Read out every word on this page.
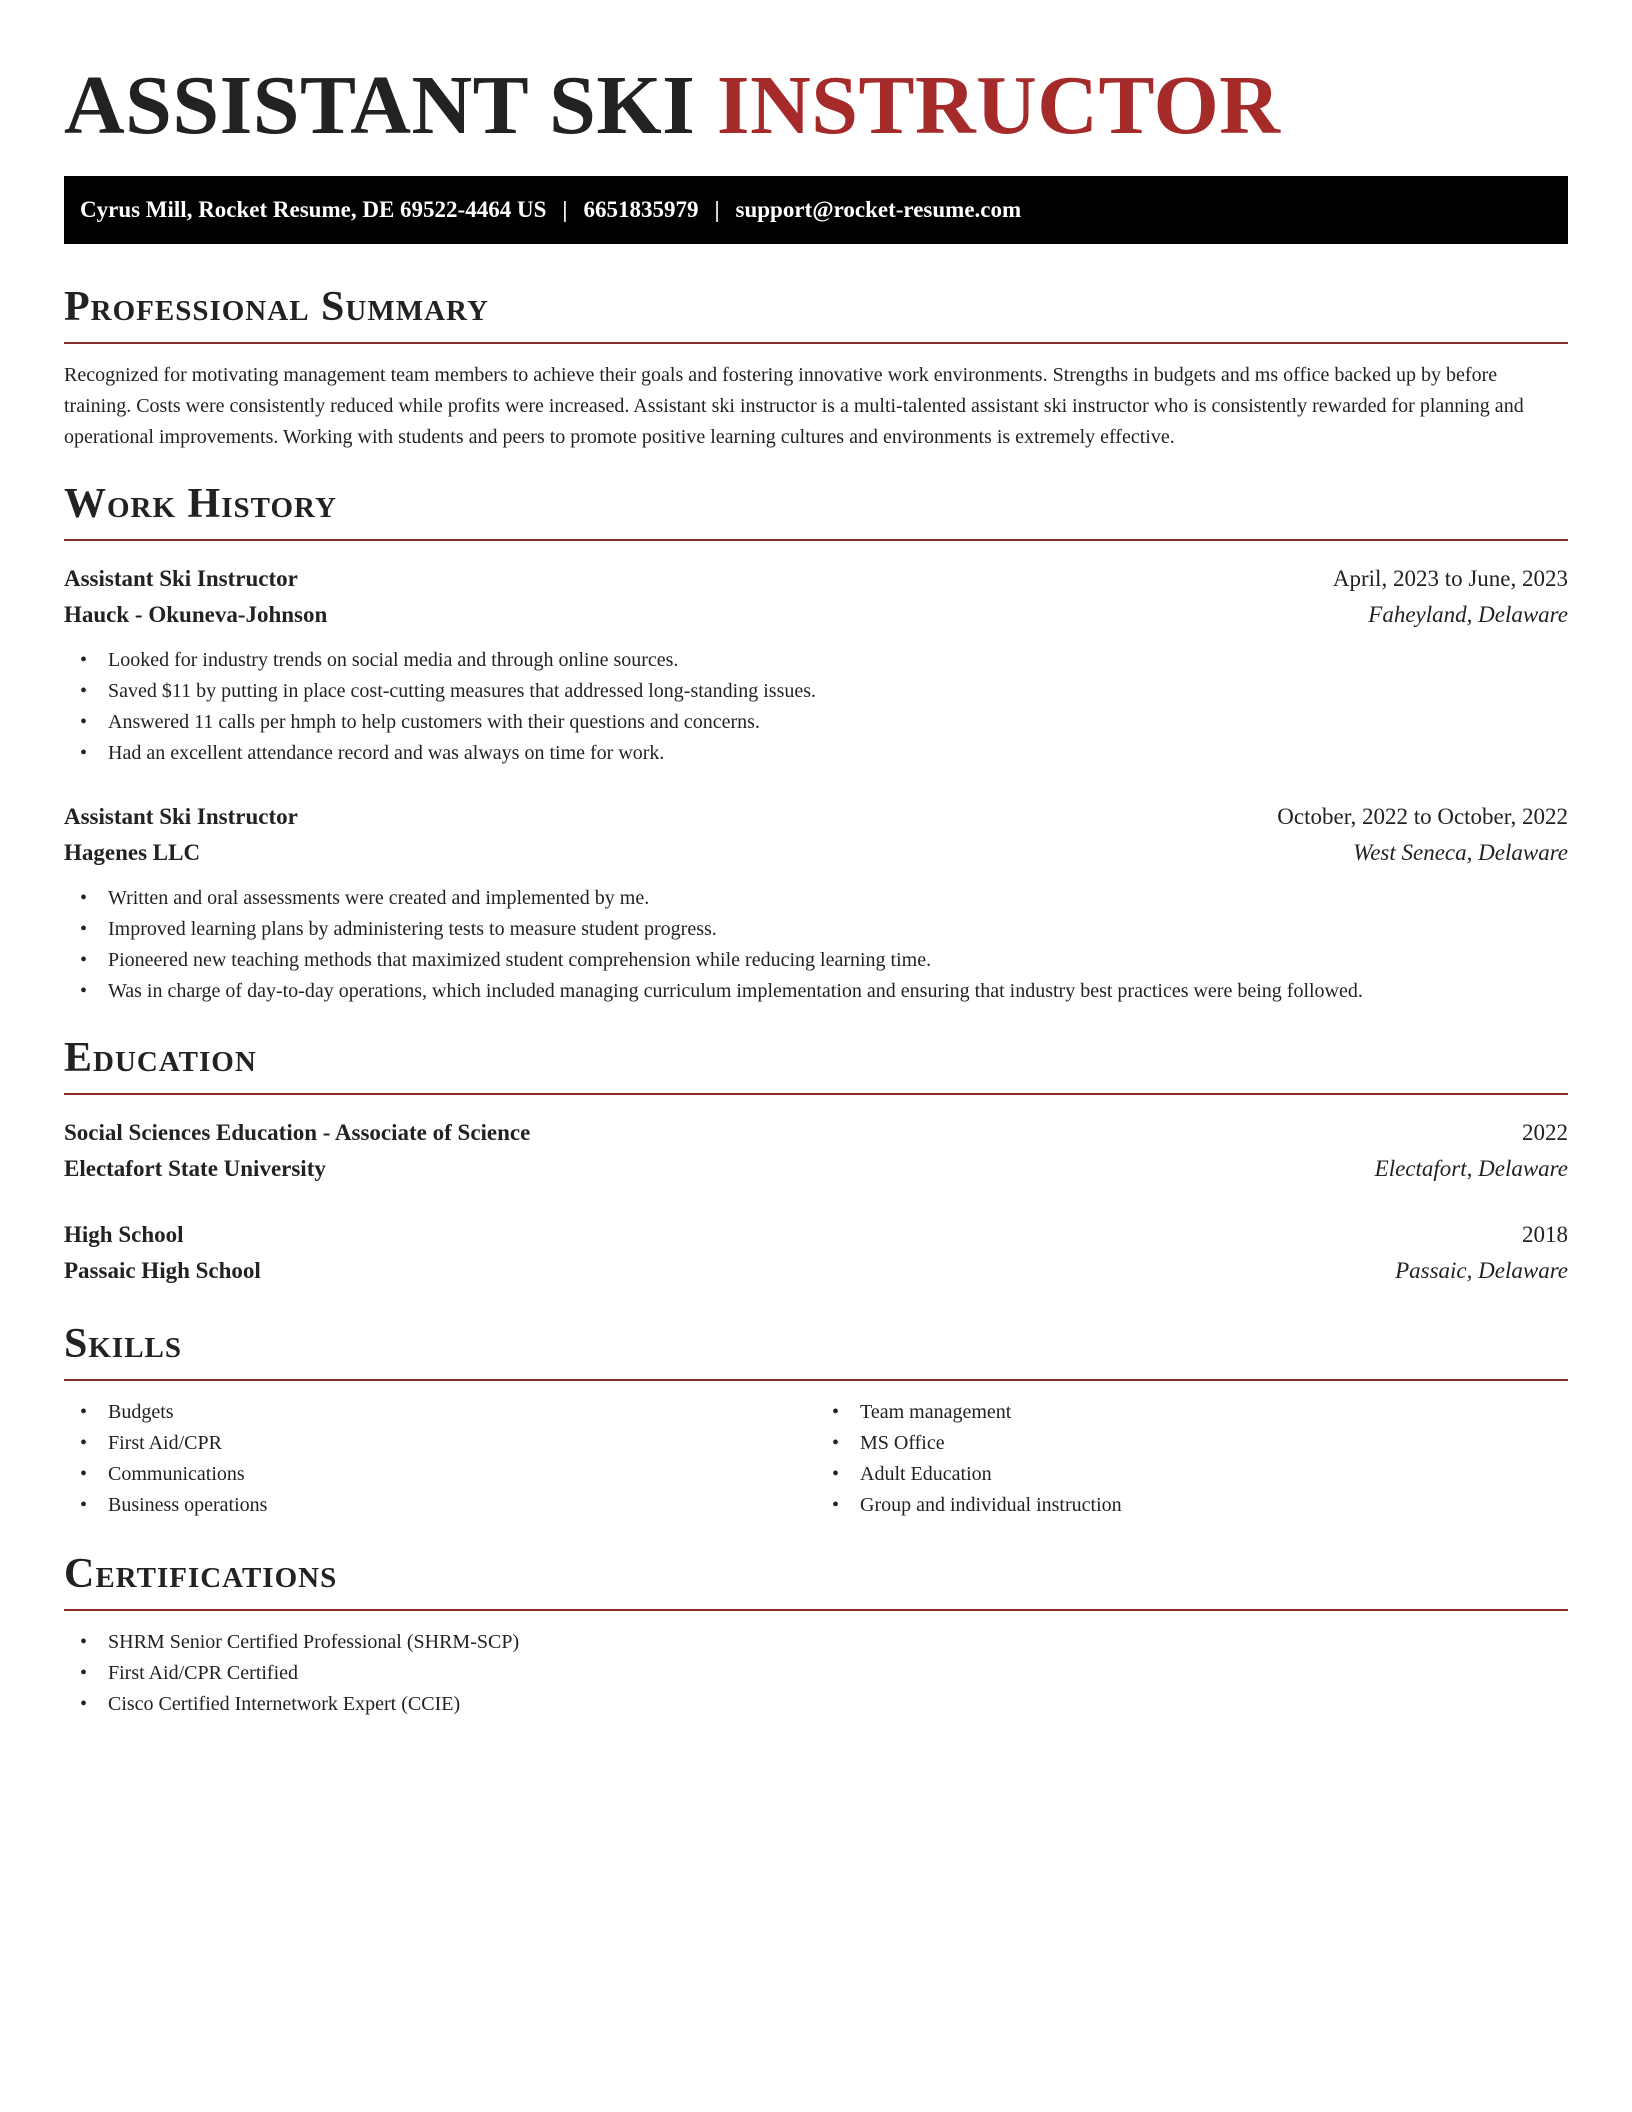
ASSISTANT SKI INSTRUCTOR
Cyrus Mill, Rocket Resume, DE 69522-4464 US | 6651835979 | support@rocket-resume.com
Professional Summary

Recognized for motivating management team members to achieve their goals and fostering innovative work environments. Strengths in budgets and ms office backed up by before training. Costs were consistently reduced while profits were increased. Assistant ski instructor is a multi-talented assistant ski instructor who is consistently rewarded for planning and operational improvements. Working with students and peers to promote positive learning cultures and environments is extremely effective.

Work History
Assistant Ski Instructor	April, 2023 to June, 2023
Hauck - Okuneva-Johnson	Faheyland, Delaware
• Looked for industry trends on social media and through online sources.
• Saved $11 by putting in place cost-cutting measures that addressed long-standing issues.
• Answered 11 calls per hmph to help customers with their questions and concerns.
• Had an excellent attendance record and was always on time for work.
Assistant Ski Instructor	October, 2022 to October, 2022
Hagenes LLC	West Seneca, Delaware
• Written and oral assessments were created and implemented by me.
• Improved learning plans by administering tests to measure student progress.
• Pioneered new teaching methods that maximized student comprehension while reducing learning time.
• Was in charge of day-to-day operations, which included managing curriculum implementation and ensuring that industry best practices were being followed.
Education
Social Sciences Education - Associate of Science	2022
Electafort State University	Electafort, Delaware
High School	2018
Passaic High School	Passaic, Delaware
Skills
• Budgets
• First Aid/CPR
• Communications
• Business operations
• Team management
• MS Office
• Adult Education
• Group and individual instruction
Certifications
• SHRM Senior Certified Professional (SHRM-SCP)
• First Aid/CPR Certified
• Cisco Certified Internetwork Expert (CCIE)
